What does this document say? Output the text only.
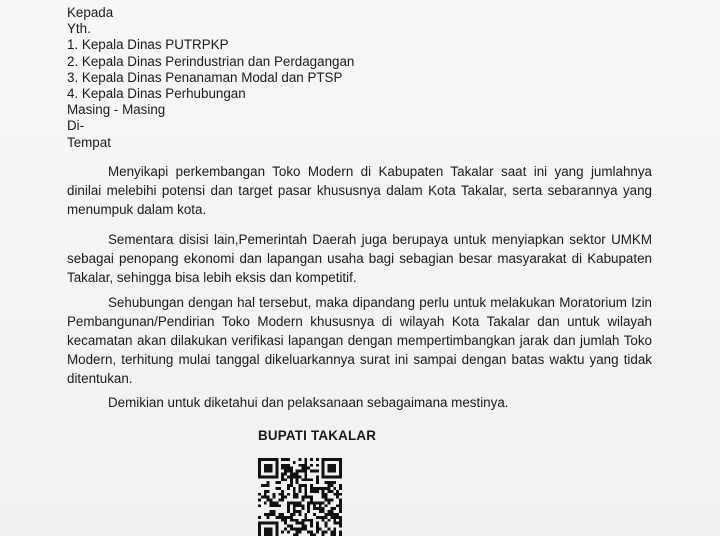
Kepada
Yth.
1. Kepala Dinas PUTRPKP
2. Kepala Dinas Perindustrian dan Perdagangan
3. Kepala Dinas Penanaman Modal dan PTSP
4. Kepala Dinas Perhubungan
Masing - Masing
Di-
Tempat
Menyikapi perkembangan Toko Modern di Kabupaten Takalar saat ini yang jumlahnya dinilai melebihi potensi dan target pasar khususnya dalam Kota Takalar, serta sebarannya yang menumpuk dalam kota.
Sementara disisi lain,Pemerintah Daerah juga berupaya untuk menyiapkan sektor UMKM sebagai penopang ekonomi dan lapangan usaha bagi sebagian besar masyarakat di Kabupaten Takalar, sehingga bisa lebih eksis dan kompetitif.
Sehubungan dengan hal tersebut, maka dipandang perlu untuk melakukan Moratorium Izin Pembangunan/Pendirian Toko Modern khususnya di wilayah Kota Takalar dan untuk wilayah kecamatan akan dilakukan verifikasi lapangan dengan mempertimbangkan jarak dan jumlah Toko Modern, terhitung mulai tanggal dikeluarkannya surat ini sampai dengan batas waktu yang tidak ditentukan.
Demikian untuk diketahui dan pelaksanaan sebagaimana mestinya.
BUPATI TAKALAR
